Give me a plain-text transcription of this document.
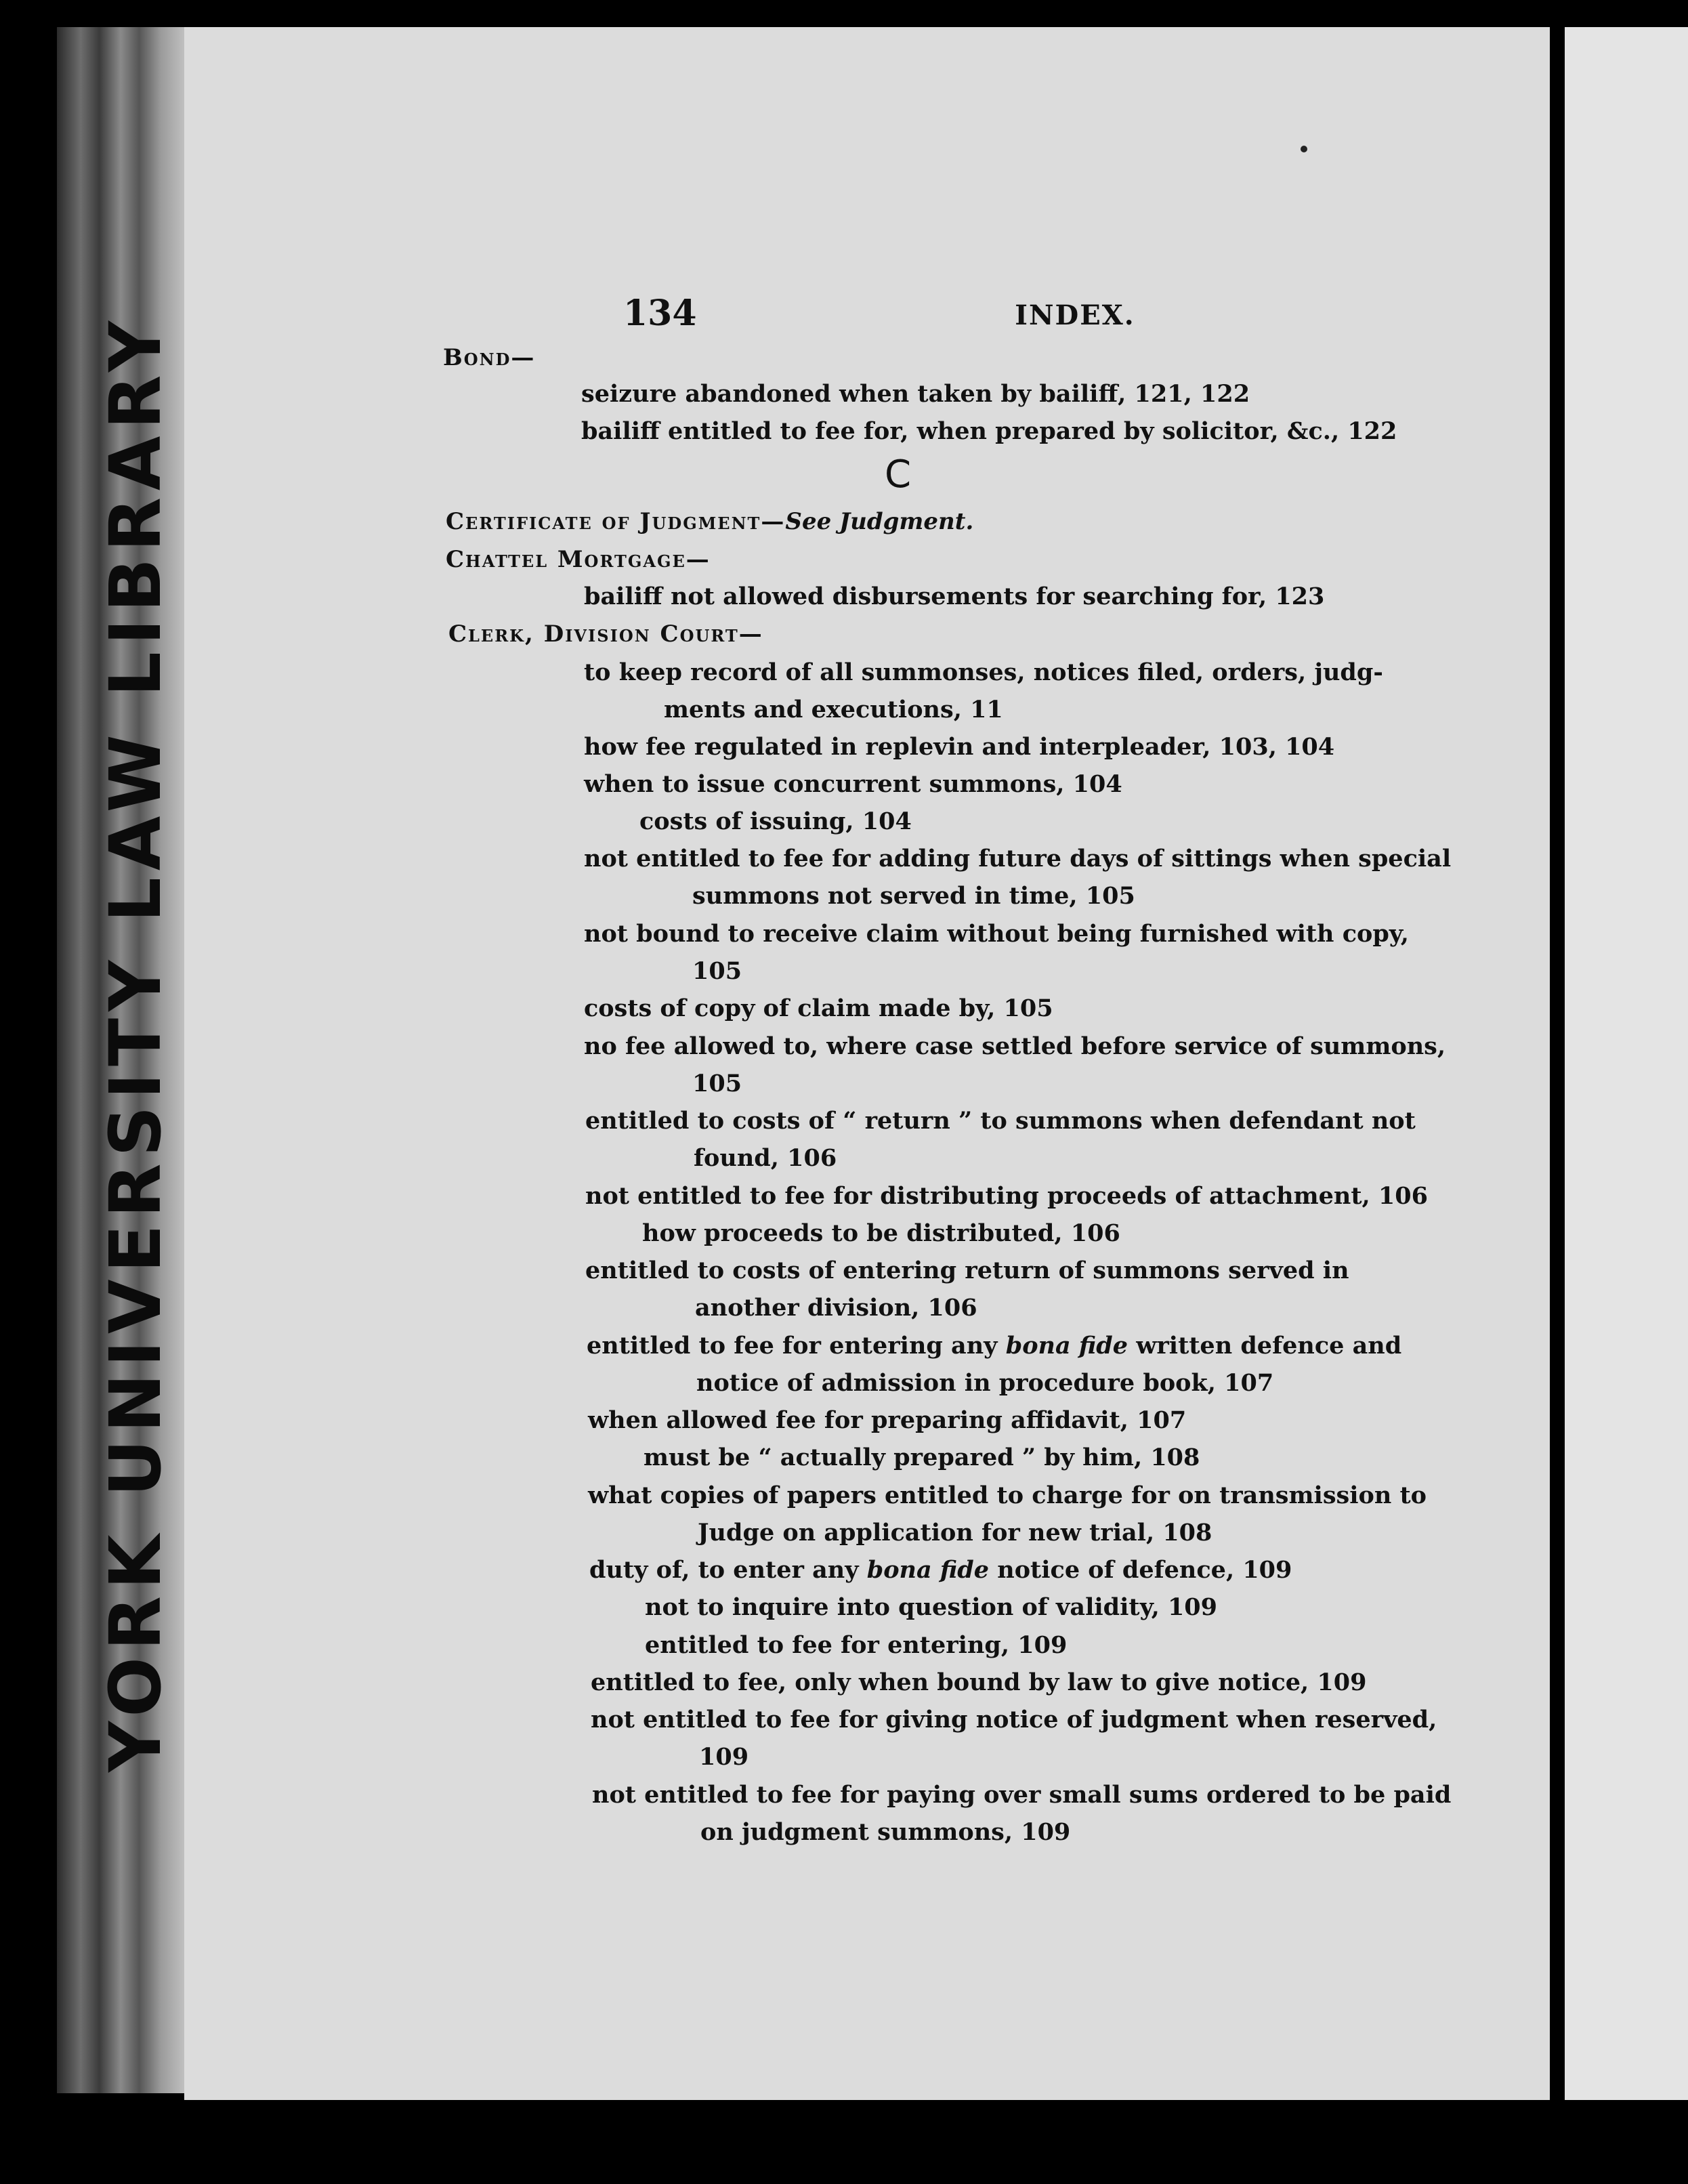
YORK UNIVERSITY LAW LIBRARY
134	INDEX.
Bond—
seizure abandoned when taken by bailiff, 121, 122
bailiff entitled to fee for, when prepared by solicitor, &c., 122
C
Certificate of Judgment—See Judgment.
Chattel Mortgage—
bailiff not allowed disbursements for searching for, 123
Clerk, Division Court—
to keep record of all summonses, notices filed, orders, judg-
ments and executions, 11
how fee regulated in replevin and interpleader, 103, 104
when to issue concurrent summons, 104
costs of issuing, 104
not entitled to fee for adding future days of sittings when special
summons not served in time, 105
not bound to receive claim without being furnished with copy,
105
costs of copy of claim made by, 105
no fee allowed to, where case settled before service of summons,
105
entitled to costs of “ return ” to summons when defendant not
found, 106
not entitled to fee for distributing proceeds of attachment, 106
how proceeds to be distributed, 106
entitled to costs of entering return of summons served in
another division, 106
entitled to fee for entering any bona fide written defence and
notice of admission in procedure book, 107
when allowed fee for preparing affidavit, 107
must be “ actually prepared ” by him, 108
what copies of papers entitled to charge for on transmission to
Judge on application for new trial, 108
duty of, to enter any bona fide notice of defence, 109
not to inquire into question of validity, 109
entitled to fee for entering, 109
entitled to fee, only when bound by law to give notice, 109
not entitled to fee for giving notice of judgment when reserved,
109
not entitled to fee for paying over small sums ordered to be paid
on judgment summons, 109
